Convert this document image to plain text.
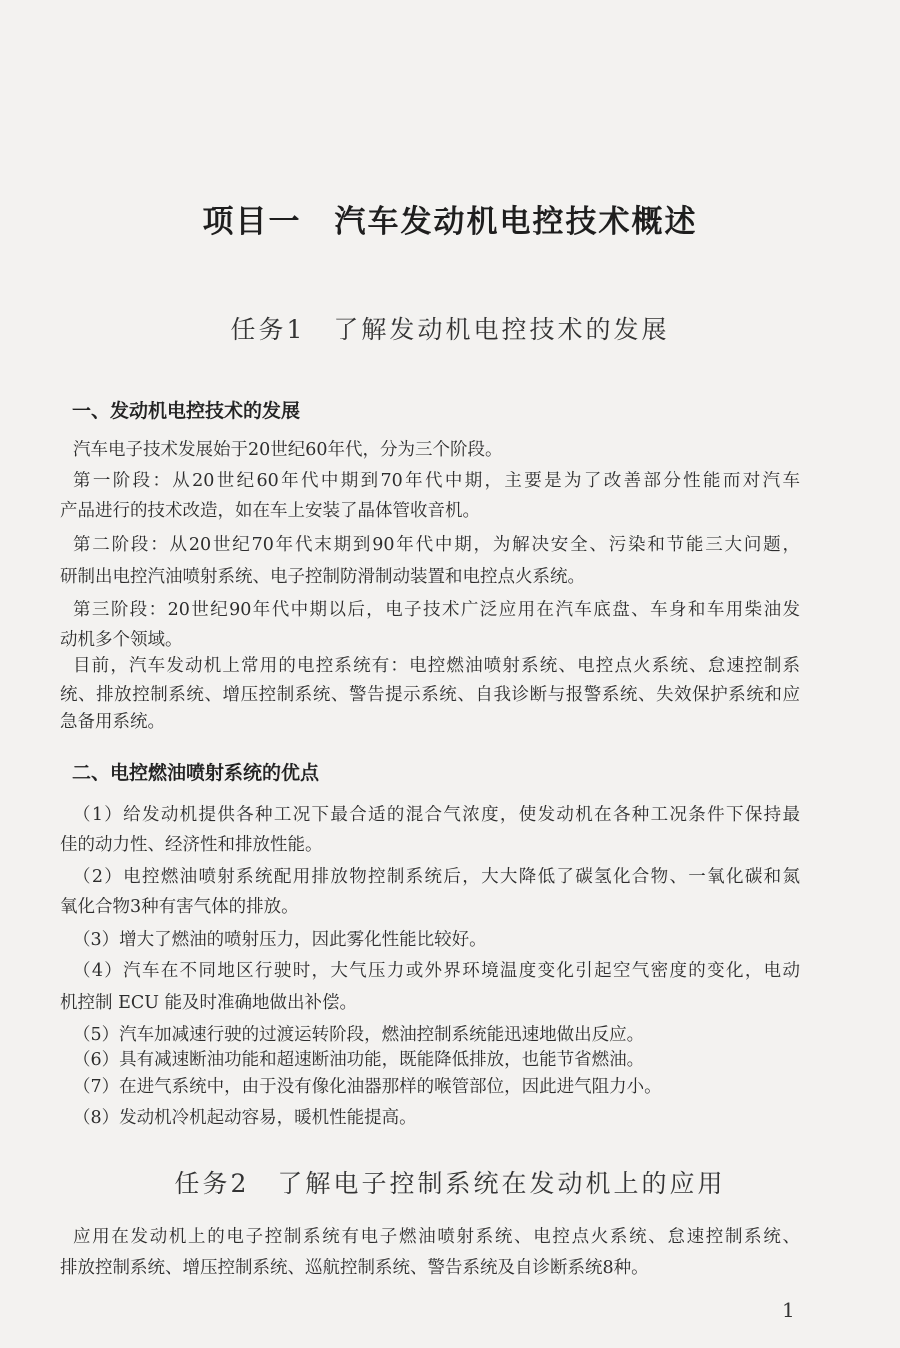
项目一　汽车发动机电控技术概述
任务1　了解发动机电控技术的发展
一、发动机电控技术的发展
汽车电子技术发展始于20世纪60年代，分为三个阶段。
第一阶段：从20世纪60年代中期到70年代中期，主要是为了改善部分性能而对汽车
产品进行的技术改造，如在车上安装了晶体管收音机。
第二阶段：从20世纪70年代末期到90年代中期，为解决安全、污染和节能三大问题，
研制出电控汽油喷射系统、电子控制防滑制动装置和电控点火系统。
第三阶段：20世纪90年代中期以后，电子技术广泛应用在汽车底盘、车身和车用柴油发
动机多个领域。
目前，汽车发动机上常用的电控系统有：电控燃油喷射系统、电控点火系统、怠速控制系
统、排放控制系统、增压控制系统、警告提示系统、自我诊断与报警系统、失效保护系统和应
急备用系统。
二、电控燃油喷射系统的优点
（1）给发动机提供各种工况下最合适的混合气浓度，使发动机在各种工况条件下保持最
佳的动力性、经济性和排放性能。
（2）电控燃油喷射系统配用排放物控制系统后，大大降低了碳氢化合物、一氧化碳和氮
氧化合物3种有害气体的排放。
（3）增大了燃油的喷射压力，因此雾化性能比较好。
（4）汽车在不同地区行驶时，大气压力或外界环境温度变化引起空气密度的变化，电动
机控制 ECU 能及时准确地做出补偿。
（5）汽车加减速行驶的过渡运转阶段，燃油控制系统能迅速地做出反应。
（6）具有减速断油功能和超速断油功能，既能降低排放，也能节省燃油。
（7）在进气系统中，由于没有像化油器那样的喉管部位，因此进气阻力小。
（8）发动机冷机起动容易，暖机性能提高。
任务2　了解电子控制系统在发动机上的应用
应用在发动机上的电子控制系统有电子燃油喷射系统、电控点火系统、怠速控制系统、
排放控制系统、增压控制系统、巡航控制系统、警告系统及自诊断系统8种。
1
